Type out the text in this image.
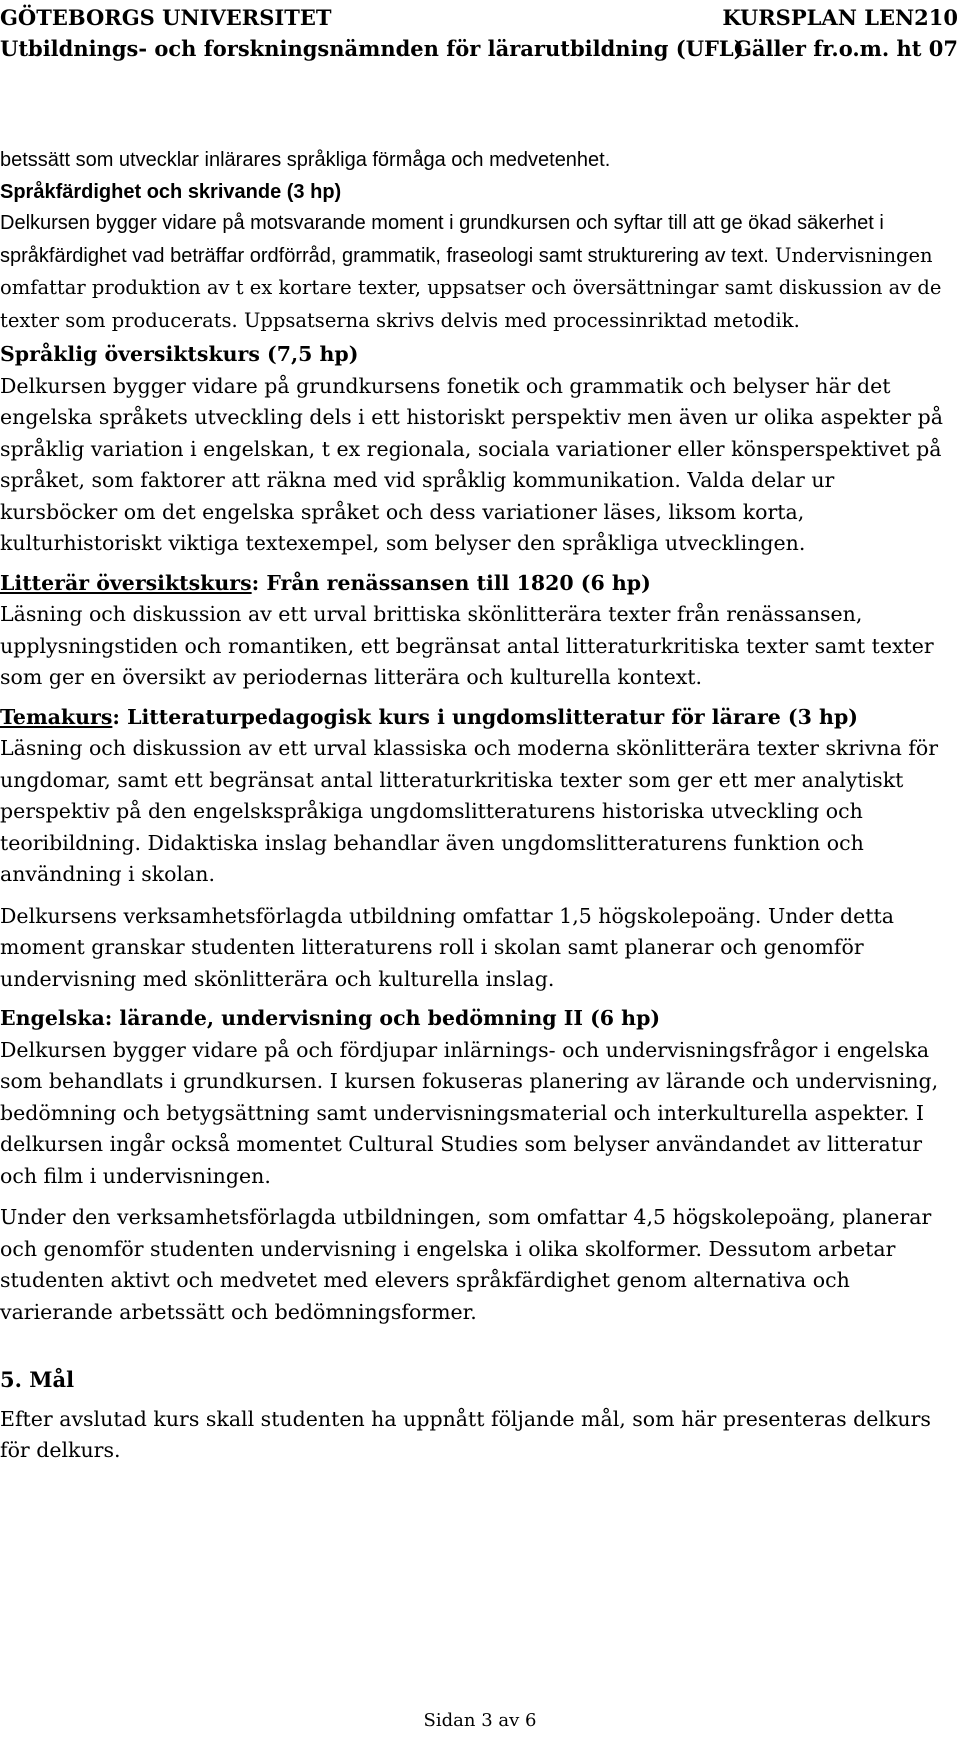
GÖTEBORGS UNIVERSITET	KURSPLAN LEN210
Utbildnings- och forskningsnämnden för lärarutbildning (UFL)
Gäller fr.o.m. ht 07

betssätt som utvecklar inlärares språkliga förmåga och medvetenhet.

Språkfärdighet och skrivande (3 hp)

Delkursen bygger vidare på motsvarande moment i grundkursen och syftar till att ge ökad säkerhet i språkfärdighet vad beträffar ordförråd, grammatik, fraseologi samt strukturering av text. Undervisningen omfattar produktion av t ex kortare texter, uppsatser och översättningar samt diskussion av de texter som producerats. Uppsatserna skrivs delvis med processinriktad metodik.

Språklig översiktskurs (7,5 hp)

Delkursen bygger vidare på grundkursens fonetik och grammatik och belyser här det engelska språkets utveckling dels i ett historiskt perspektiv men även ur olika aspekter på språklig variation i engelskan, t ex regionala, sociala variationer eller könsperspektivet på språket, som faktorer att räkna med vid språklig kommunikation. Valda delar ur kursböcker om det engelska språket och dess variationer läses, liksom korta, kulturhistoriskt viktiga textexempel, som belyser den språkliga utvecklingen.

Litterär översiktskurs: Från renässansen till 1820 (6 hp)

Läsning och diskussion av ett urval brittiska skönlitterära texter från renässansen, upplysningstiden och romantiken, ett begränsat antal litteraturkritiska texter samt texter som ger en översikt av periodernas litterära och kulturella kontext.

Temakurs: Litteraturpedagogisk kurs i ungdomslitteratur för lärare (3 hp)

Läsning och diskussion av ett urval klassiska och moderna skönlitterära texter skrivna för ungdomar, samt ett begränsat antal litteraturkritiska texter som ger ett mer analytiskt perspektiv på den engelskspråkiga ungdomslitteraturens historiska utveckling och teoribildning. Didaktiska inslag behandlar även ungdomslitteraturens funktion och användning i skolan.

Delkursens verksamhetsförlagda utbildning omfattar 1,5 högskolepoäng. Under detta moment granskar studenten litteraturens roll i skolan samt planerar och genomför undervisning med skönlitterära och kulturella inslag.

Engelska: lärande, undervisning och bedömning II (6 hp)

Delkursen bygger vidare på och fördjupar inlärnings- och undervisningsfrågor i engelska som behandlats i grundkursen. I kursen fokuseras planering av lärande och undervisning, bedömning och betygsättning samt undervisningsmaterial och interkulturella aspekter. I delkursen ingår också momentet Cultural Studies som belyser användandet av litteratur och film i undervisningen.

Under den verksamhetsförlagda utbildningen, som omfattar 4,5 högskolepoäng, planerar och genomför studenten undervisning i engelska i olika skolformer. Dessutom arbetar studenten aktivt och medvetet med elevers språkfärdighet genom alternativa och varierande arbetssätt och bedömningsformer.

5. Mål

Efter avslutad kurs skall studenten ha uppnått följande mål, som här presenteras delkurs för delkurs.

Sidan 3 av 6
